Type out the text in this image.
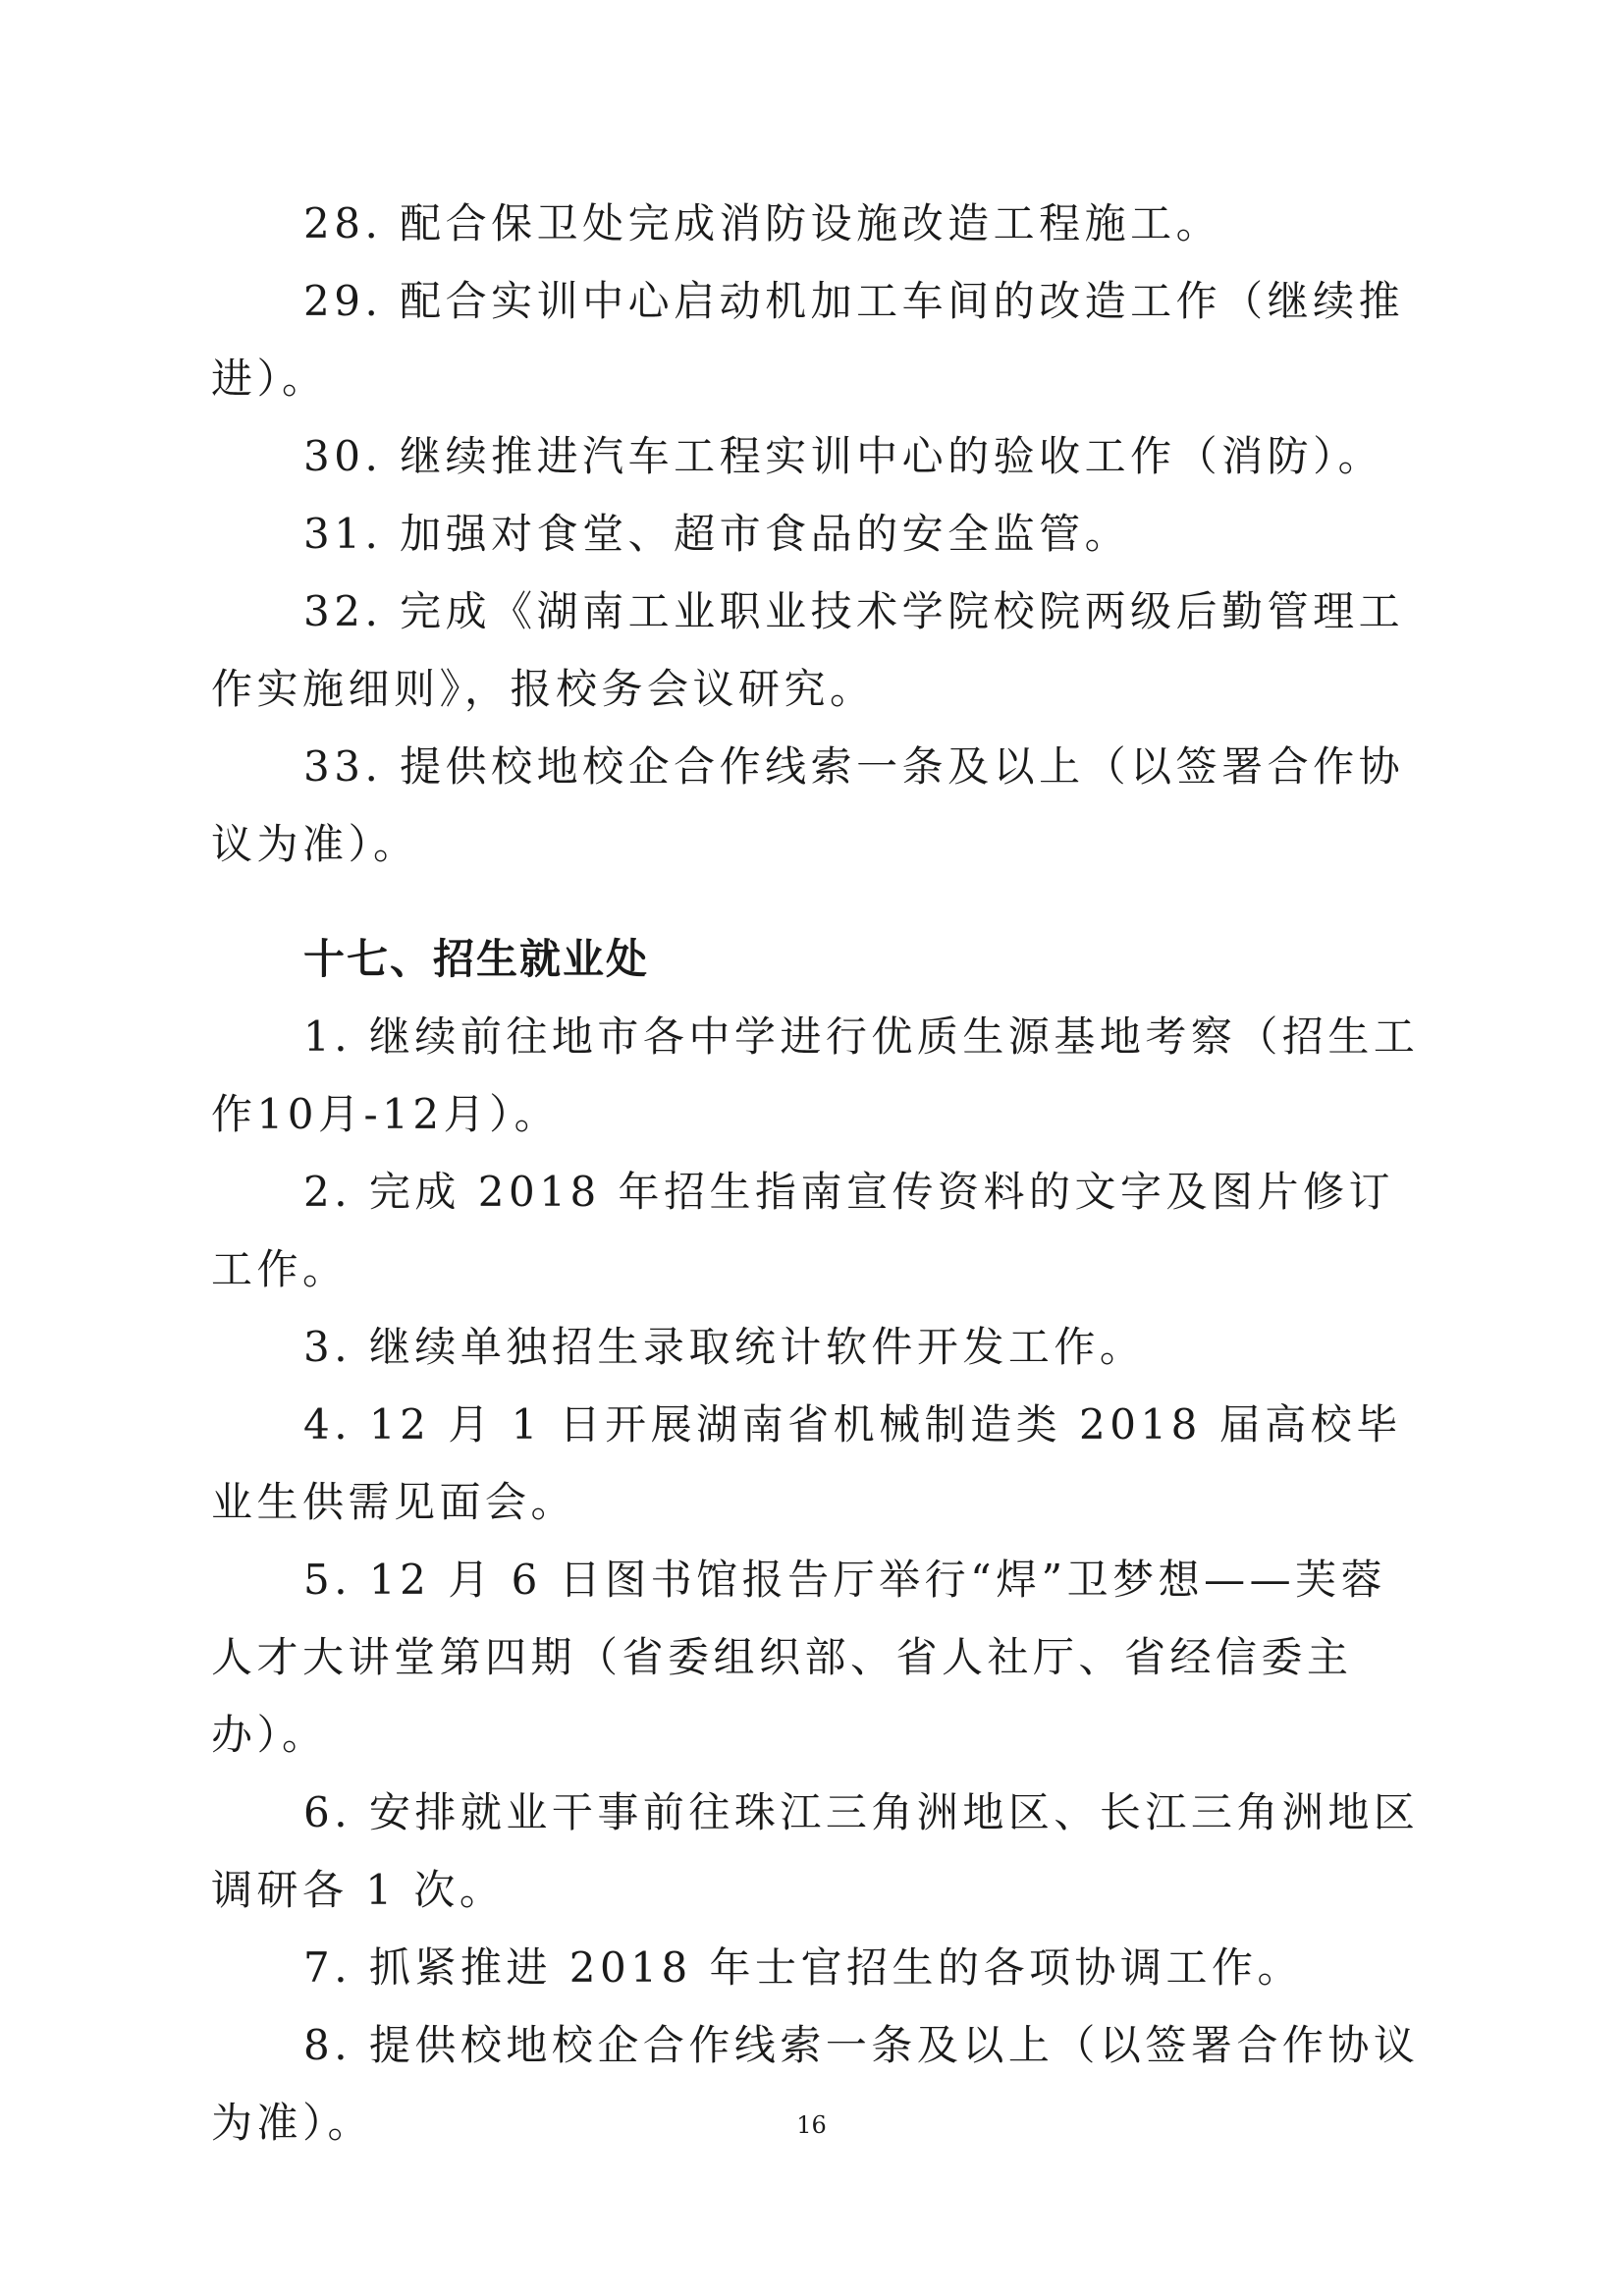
28. 配合保卫处完成消防设施改造工程施工。

29. 配合实训中心启动机加工车间的改造工作（继续推进）。

30. 继续推进汽车工程实训中心的验收工作（消防）。

31. 加强对食堂、超市食品的安全监管。

32. 完成《湖南工业职业技术学院校院两级后勤管理工作实施细则》，报校务会议研究。

33. 提供校地校企合作线索一条及以上（以签署合作协议为准）。

十七、招生就业处

1. 继续前往地市各中学进行优质生源基地考察（招生工作10月-12月）。

2. 完成 2018 年招生指南宣传资料的文字及图片修订工作。

3. 继续单独招生录取统计软件开发工作。

4. 12 月 1 日开展湖南省机械制造类 2018 届高校毕业生供需见面会。

5. 12 月 6 日图书馆报告厅举行“焊”卫梦想——芙蓉人才大讲堂第四期（省委组织部、省人社厅、省经信委主办）。

6. 安排就业干事前往珠江三角洲地区、长江三角洲地区调研各 1 次。

7. 抓紧推进 2018 年士官招生的各项协调工作。

8. 提供校地校企合作线索一条及以上（以签署合作协议为准）。	16
